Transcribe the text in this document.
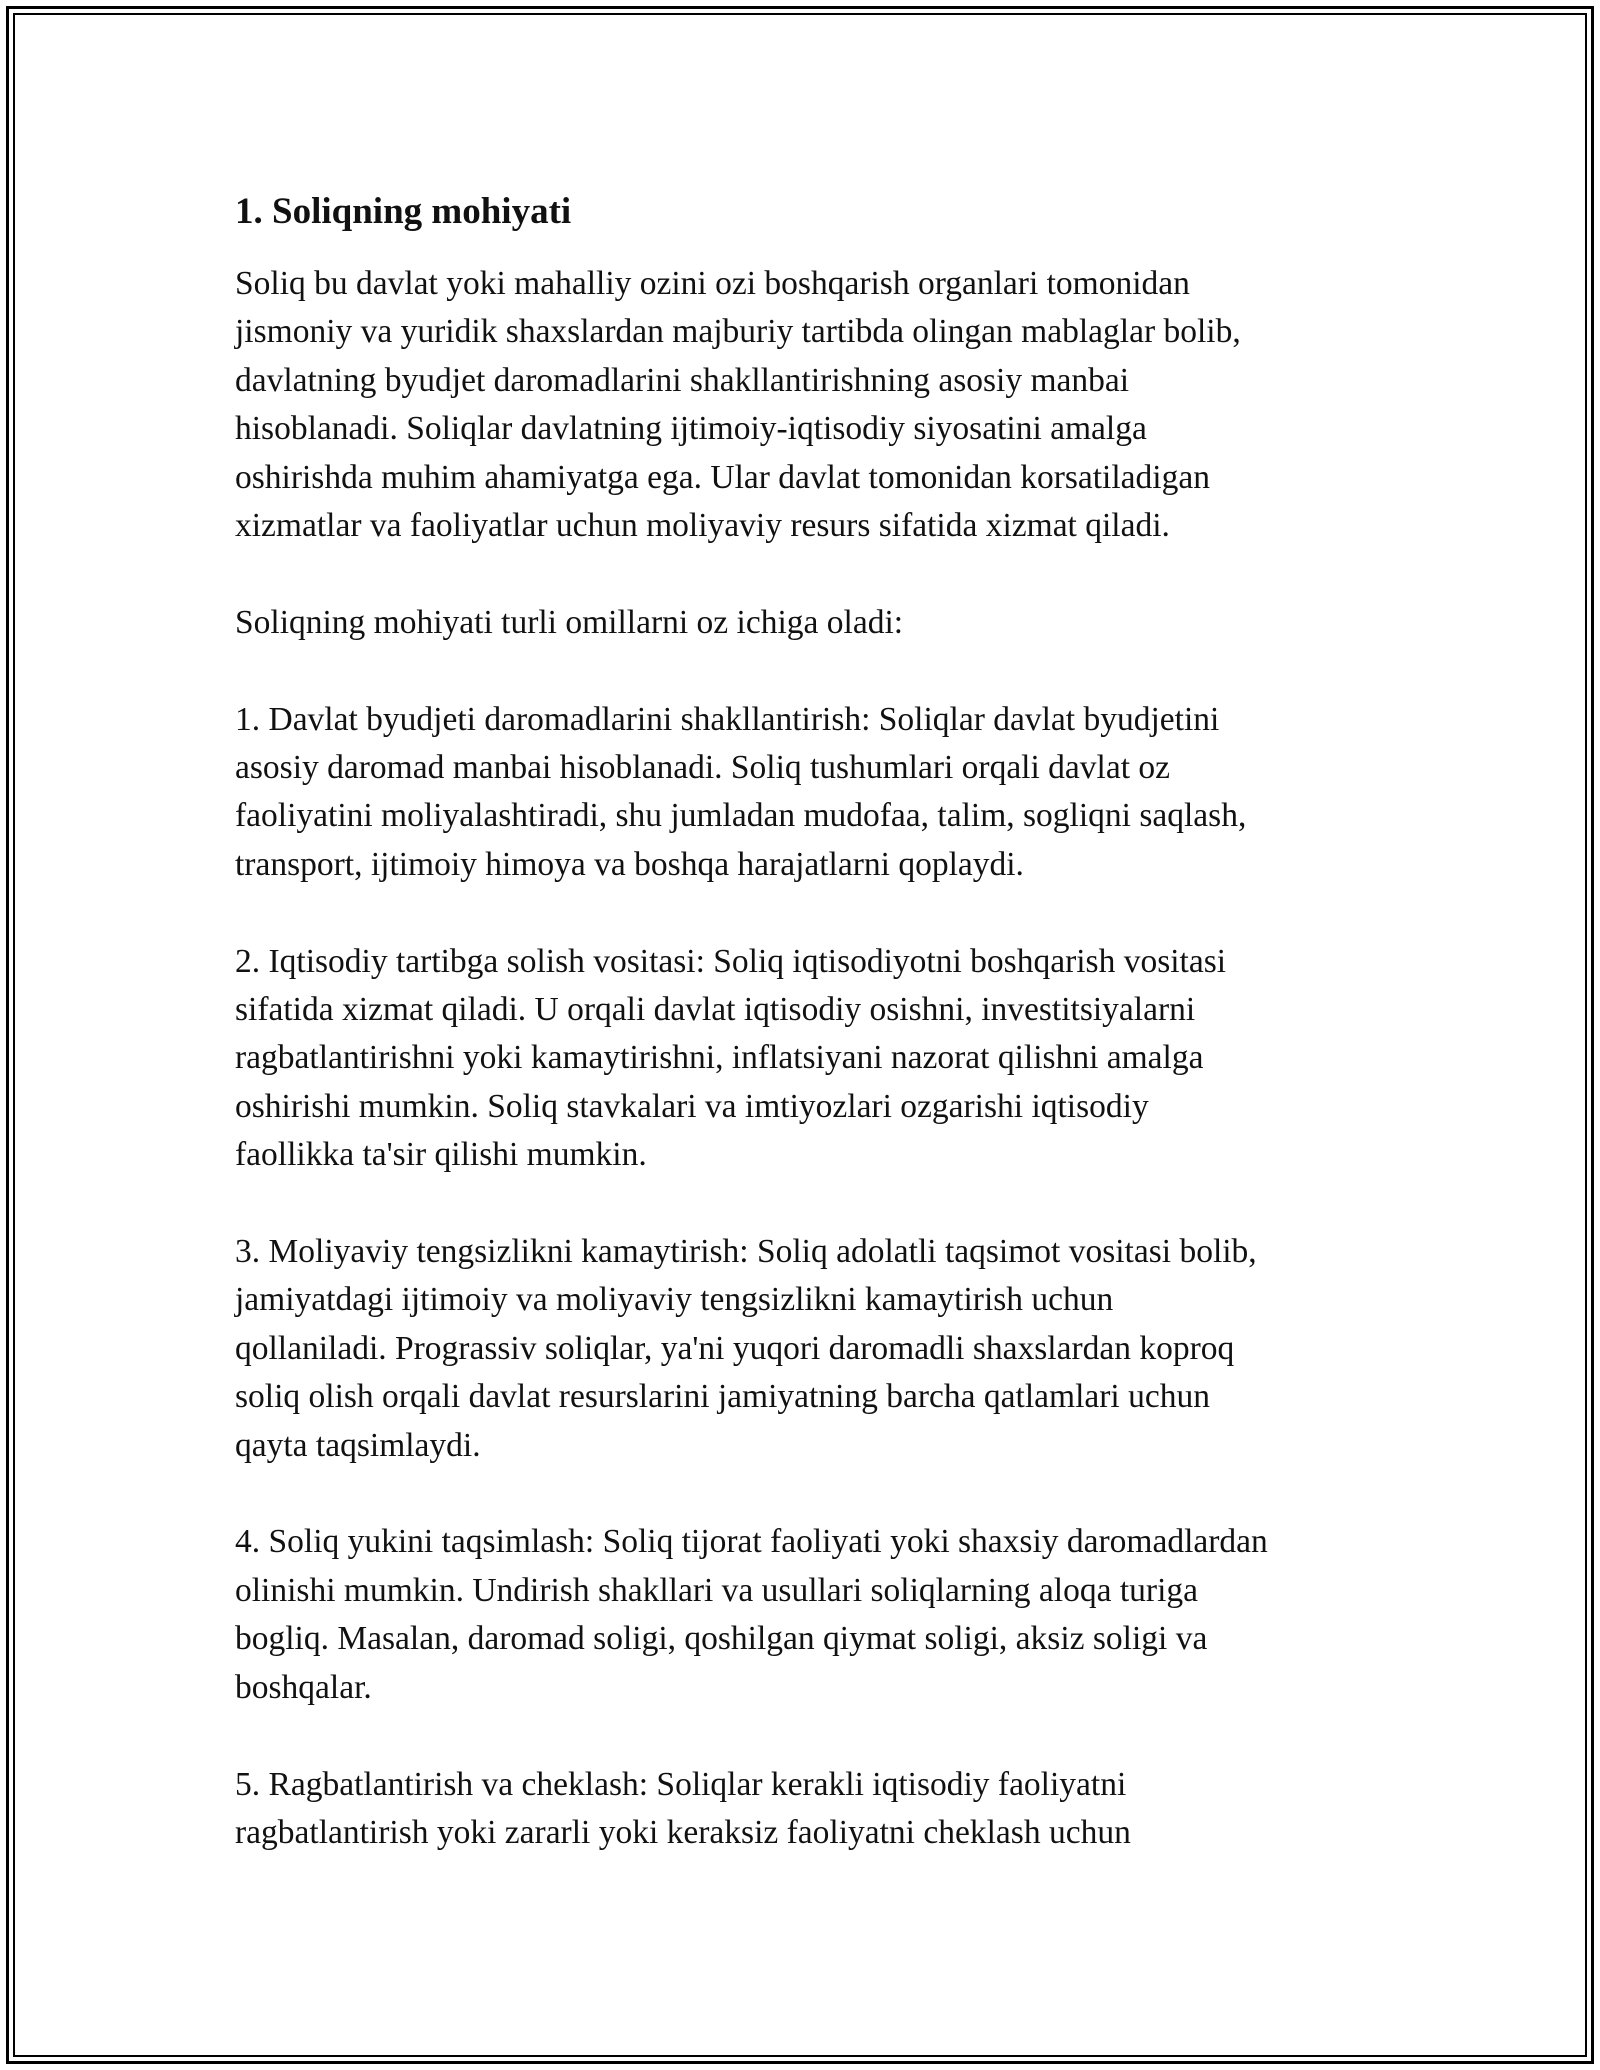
1. Soliqning mohiyati

Soliq bu davlat yoki mahalliy ozini ozi boshqarish organlari tomonidan
jismoniy va yuridik shaxslardan majburiy tartibda olingan mablaglar bolib,
davlatning byudjet daromadlarini shakllantirishning asosiy manbai
hisoblanadi. Soliqlar davlatning ijtimoiy-iqtisodiy siyosatini amalga
oshirishda muhim ahamiyatga ega. Ular davlat tomonidan korsatiladigan
xizmatlar va faoliyatlar uchun moliyaviy resurs sifatida xizmat qiladi.

Soliqning mohiyati turli omillarni oz ichiga oladi:

1. Davlat byudjeti daromadlarini shakllantirish: Soliqlar davlat byudjetini
asosiy daromad manbai hisoblanadi. Soliq tushumlari orqali davlat oz
faoliyatini moliyalashtiradi, shu jumladan mudofaa, talim, sogliqni saqlash,
transport, ijtimoiy himoya va boshqa harajatlarni qoplaydi.

2. Iqtisodiy tartibga solish vositasi: Soliq iqtisodiyotni boshqarish vositasi
sifatida xizmat qiladi. U orqali davlat iqtisodiy osishni, investitsiyalarni
ragbatlantirishni yoki kamaytirishni, inflatsiyani nazorat qilishni amalga
oshirishi mumkin. Soliq stavkalari va imtiyozlari ozgarishi iqtisodiy
faollikka ta'sir qilishi mumkin.

3. Moliyaviy tengsizlikni kamaytirish: Soliq adolatli taqsimot vositasi bolib,
jamiyatdagi ijtimoiy va moliyaviy tengsizlikni kamaytirish uchun
qollaniladi. Prograssiv soliqlar, ya'ni yuqori daromadli shaxslardan koproq
soliq olish orqali davlat resurslarini jamiyatning barcha qatlamlari uchun
qayta taqsimlaydi.

4. Soliq yukini taqsimlash: Soliq tijorat faoliyati yoki shaxsiy daromadlardan
olinishi mumkin. Undirish shakllari va usullari soliqlarning aloqa turiga
bogliq. Masalan, daromad soligi, qoshilgan qiymat soligi, aksiz soligi va
boshqalar.

5. Ragbatlantirish va cheklash: Soliqlar kerakli iqtisodiy faoliyatni
ragbatlantirish yoki zararli yoki keraksiz faoliyatni cheklash uchun
